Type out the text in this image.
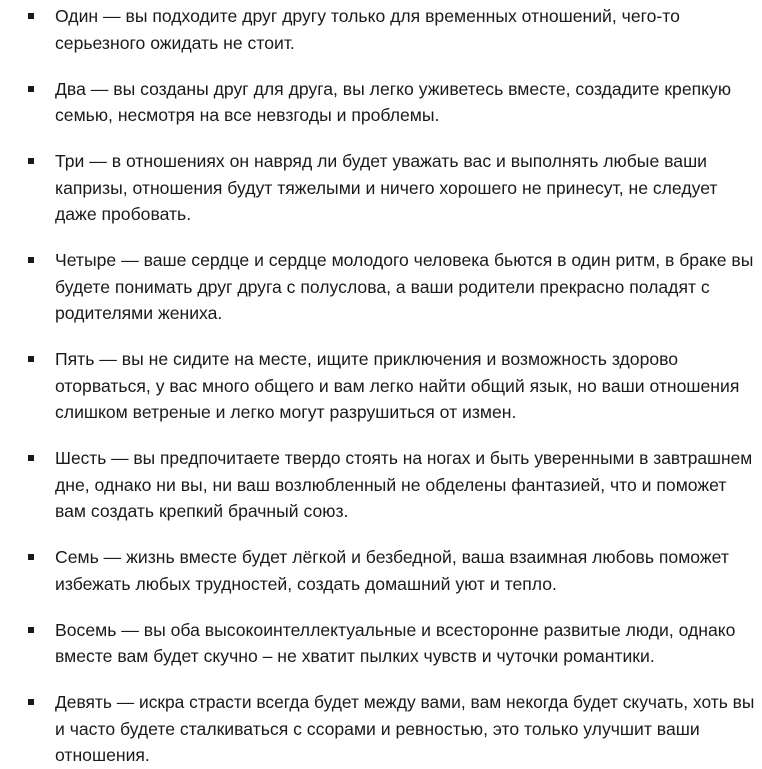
Один — вы подходите друг другу только для временных отношений, чего-то
серьезного ожидать не стоит.
Два — вы созданы друг для друга, вы легко уживетесь вместе, создадите крепкую
семью, несмотря на все невзгоды и проблемы.
Три — в отношениях он навряд ли будет уважать вас и выполнять любые ваши
капризы, отношения будут тяжелыми и ничего хорошего не принесут, не следует
даже пробовать.
Четыре — ваше сердце и сердце молодого человека бьются в один ритм, в браке вы
будете понимать друг друга с полуслова, а ваши родители прекрасно поладят с
родителями жениха.
Пять — вы не сидите на месте, ищите приключения и возможность здорово
оторваться, у вас много общего и вам легко найти общий язык, но ваши отношения
слишком ветреные и легко могут разрушиться от измен.
Шесть — вы предпочитаете твердо стоять на ногах и быть уверенными в завтрашнем
дне, однако ни вы, ни ваш возлюбленный не обделены фантазией, что и поможет
вам создать крепкий брачный союз.
Семь — жизнь вместе будет лёгкой и безбедной, ваша взаимная любовь поможет
избежать любых трудностей, создать домашний уют и тепло.
Восемь — вы оба высокоинтеллектуальные и всесторонне развитые люди, однако
вместе вам будет скучно – не хватит пылких чувств и чуточки романтики.
Девять — искра страсти всегда будет между вами, вам некогда будет скучать, хоть вы
и часто будете сталкиваться с ссорами и ревностью, это только улучшит ваши
отношения.
